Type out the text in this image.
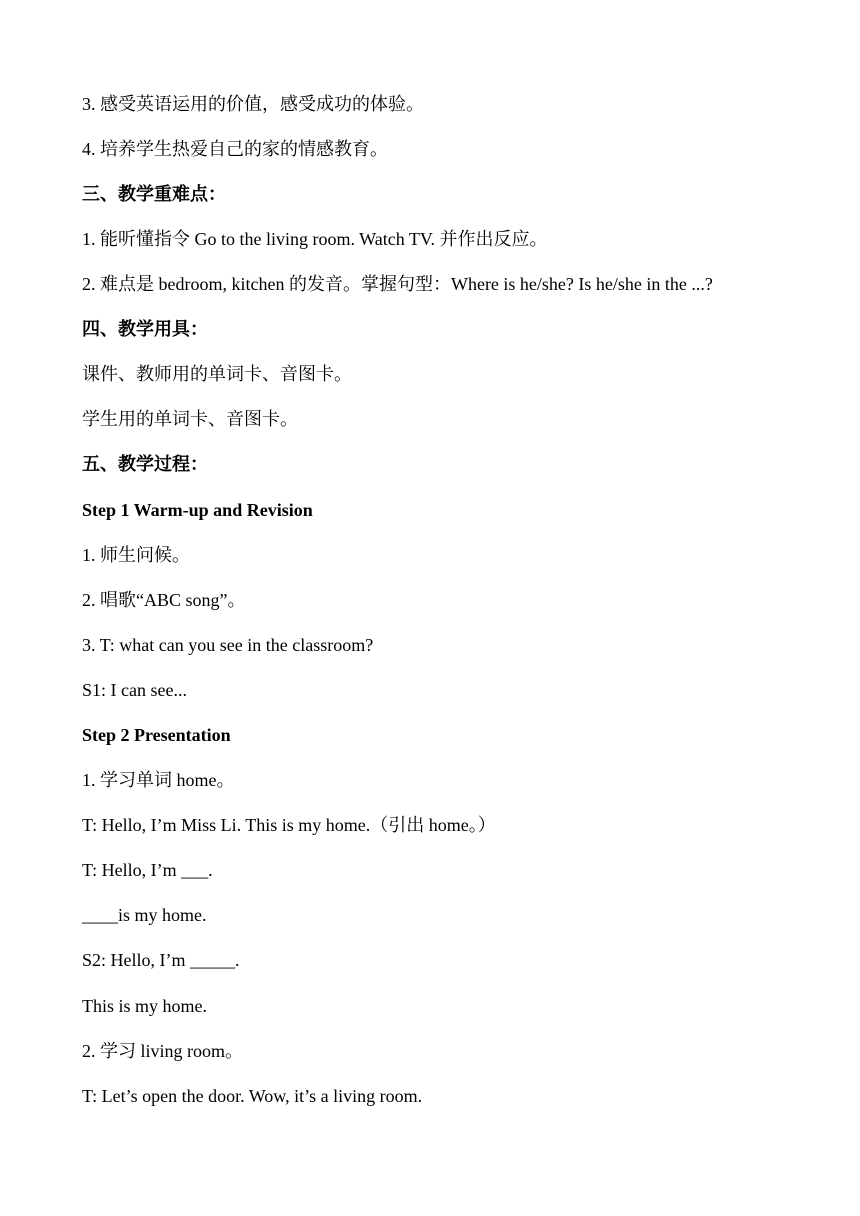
3. 感受英语运用的价值，感受成功的体验。
4. 培养学生热爱自己的家的情感教育。
三、教学重难点：
1. 能听懂指令 Go to the living room. Watch TV. 并作出反应。
2. 难点是 bedroom, kitchen 的发音。掌握句型：Where is he/she? Is he/she in the ...?
四、教学用具：
课件、教师用的单词卡、音图卡。
学生用的单词卡、音图卡。
五、教学过程：
Step 1 Warm-up and Revision
1. 师生问候。
2. 唱歌“ABC song”。
3. T: what can you see in the classroom?
S1: I can see...
Step 2 Presentation
1. 学习单词 home。
T: Hello, I’m Miss Li. This is my home.（引出 home。）
T: Hello, I’m ___.
____is my home.
S2: Hello, I’m _____.
This is my home.
2. 学习 living room。
T: Let’s open the door. Wow, it’s a living room.
